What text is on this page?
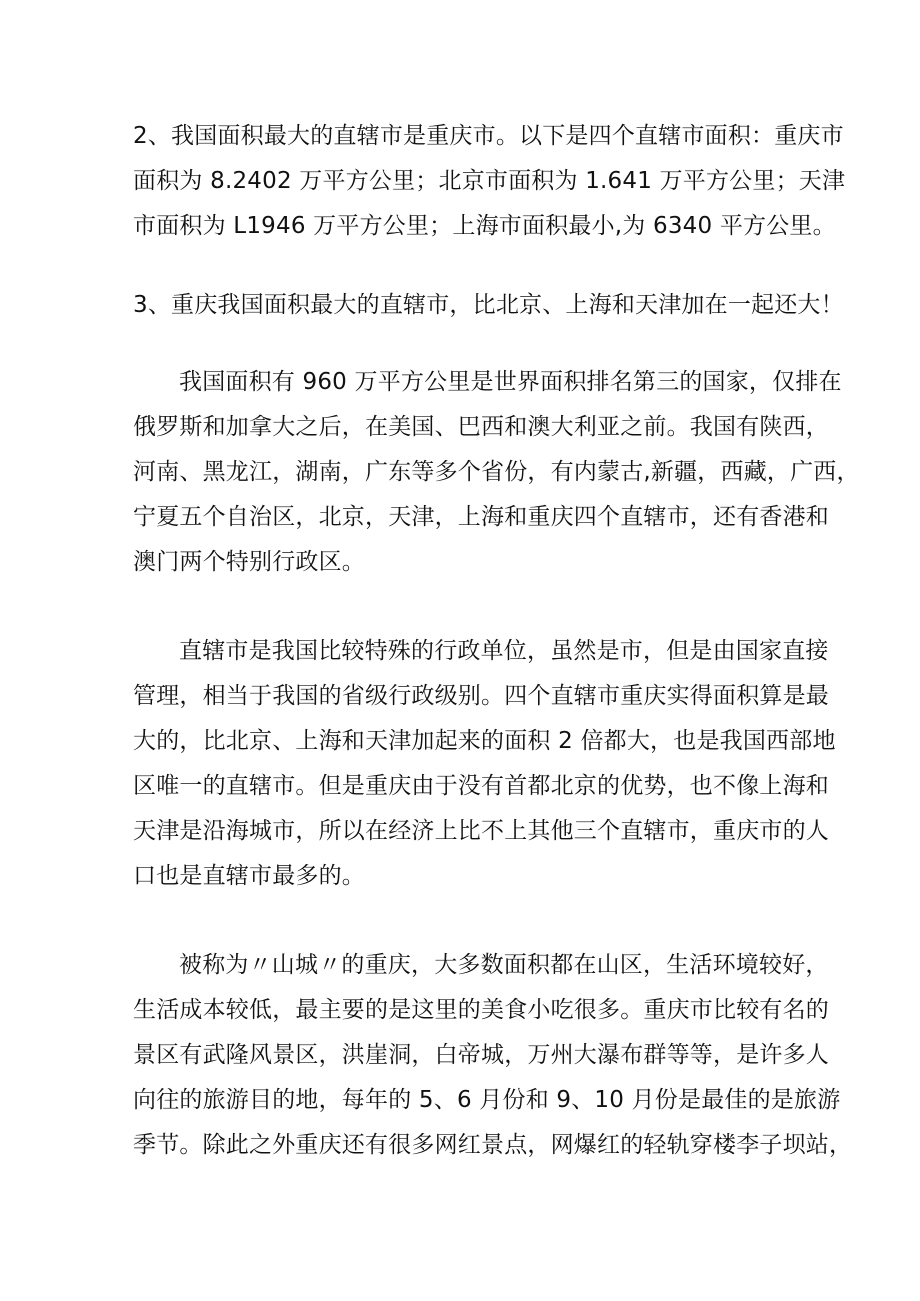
2、我国面积最大的直辖市是重庆市。以下是四个直辖市面积：重庆市
面积为 8.2402 万平方公里；北京市面积为 1.641 万平方公里；天津
市面积为 L1946 万平方公里；上海市面积最小,为 6340 平方公里。
3、重庆我国面积最大的直辖市，比北京、上海和天津加在一起还大！
我国面积有 960 万平方公里是世界面积排名第三的国家，仅排在
俄罗斯和加拿大之后，在美国、巴西和澳大利亚之前。我国有陕西，
河南、黑龙江，湖南，广东等多个省份，有内蒙古,新疆，西藏，广西，
宁夏五个自治区，北京，天津，上海和重庆四个直辖市，还有香港和
澳门两个特别行政区。
直辖市是我国比较特殊的行政单位，虽然是市，但是由国家直接
管理，相当于我国的省级行政级别。四个直辖市重庆实得面积算是最
大的，比北京、上海和天津加起来的面积 2 倍都大，也是我国西部地
区唯一的直辖市。但是重庆由于没有首都北京的优势，也不像上海和
天津是沿海城市，所以在经济上比不上其他三个直辖市，重庆市的人
口也是直辖市最多的。
被称为〃山城〃的重庆，大多数面积都在山区，生活环境较好，
生活成本较低，最主要的是这里的美食小吃很多。重庆市比较有名的
景区有武隆风景区，洪崖洞，白帝城，万州大瀑布群等等，是许多人
向往的旅游目的地，每年的 5、6 月份和 9、10 月份是最佳的是旅游
季节。除此之外重庆还有很多网红景点，网爆红的轻轨穿楼李子坝站，
